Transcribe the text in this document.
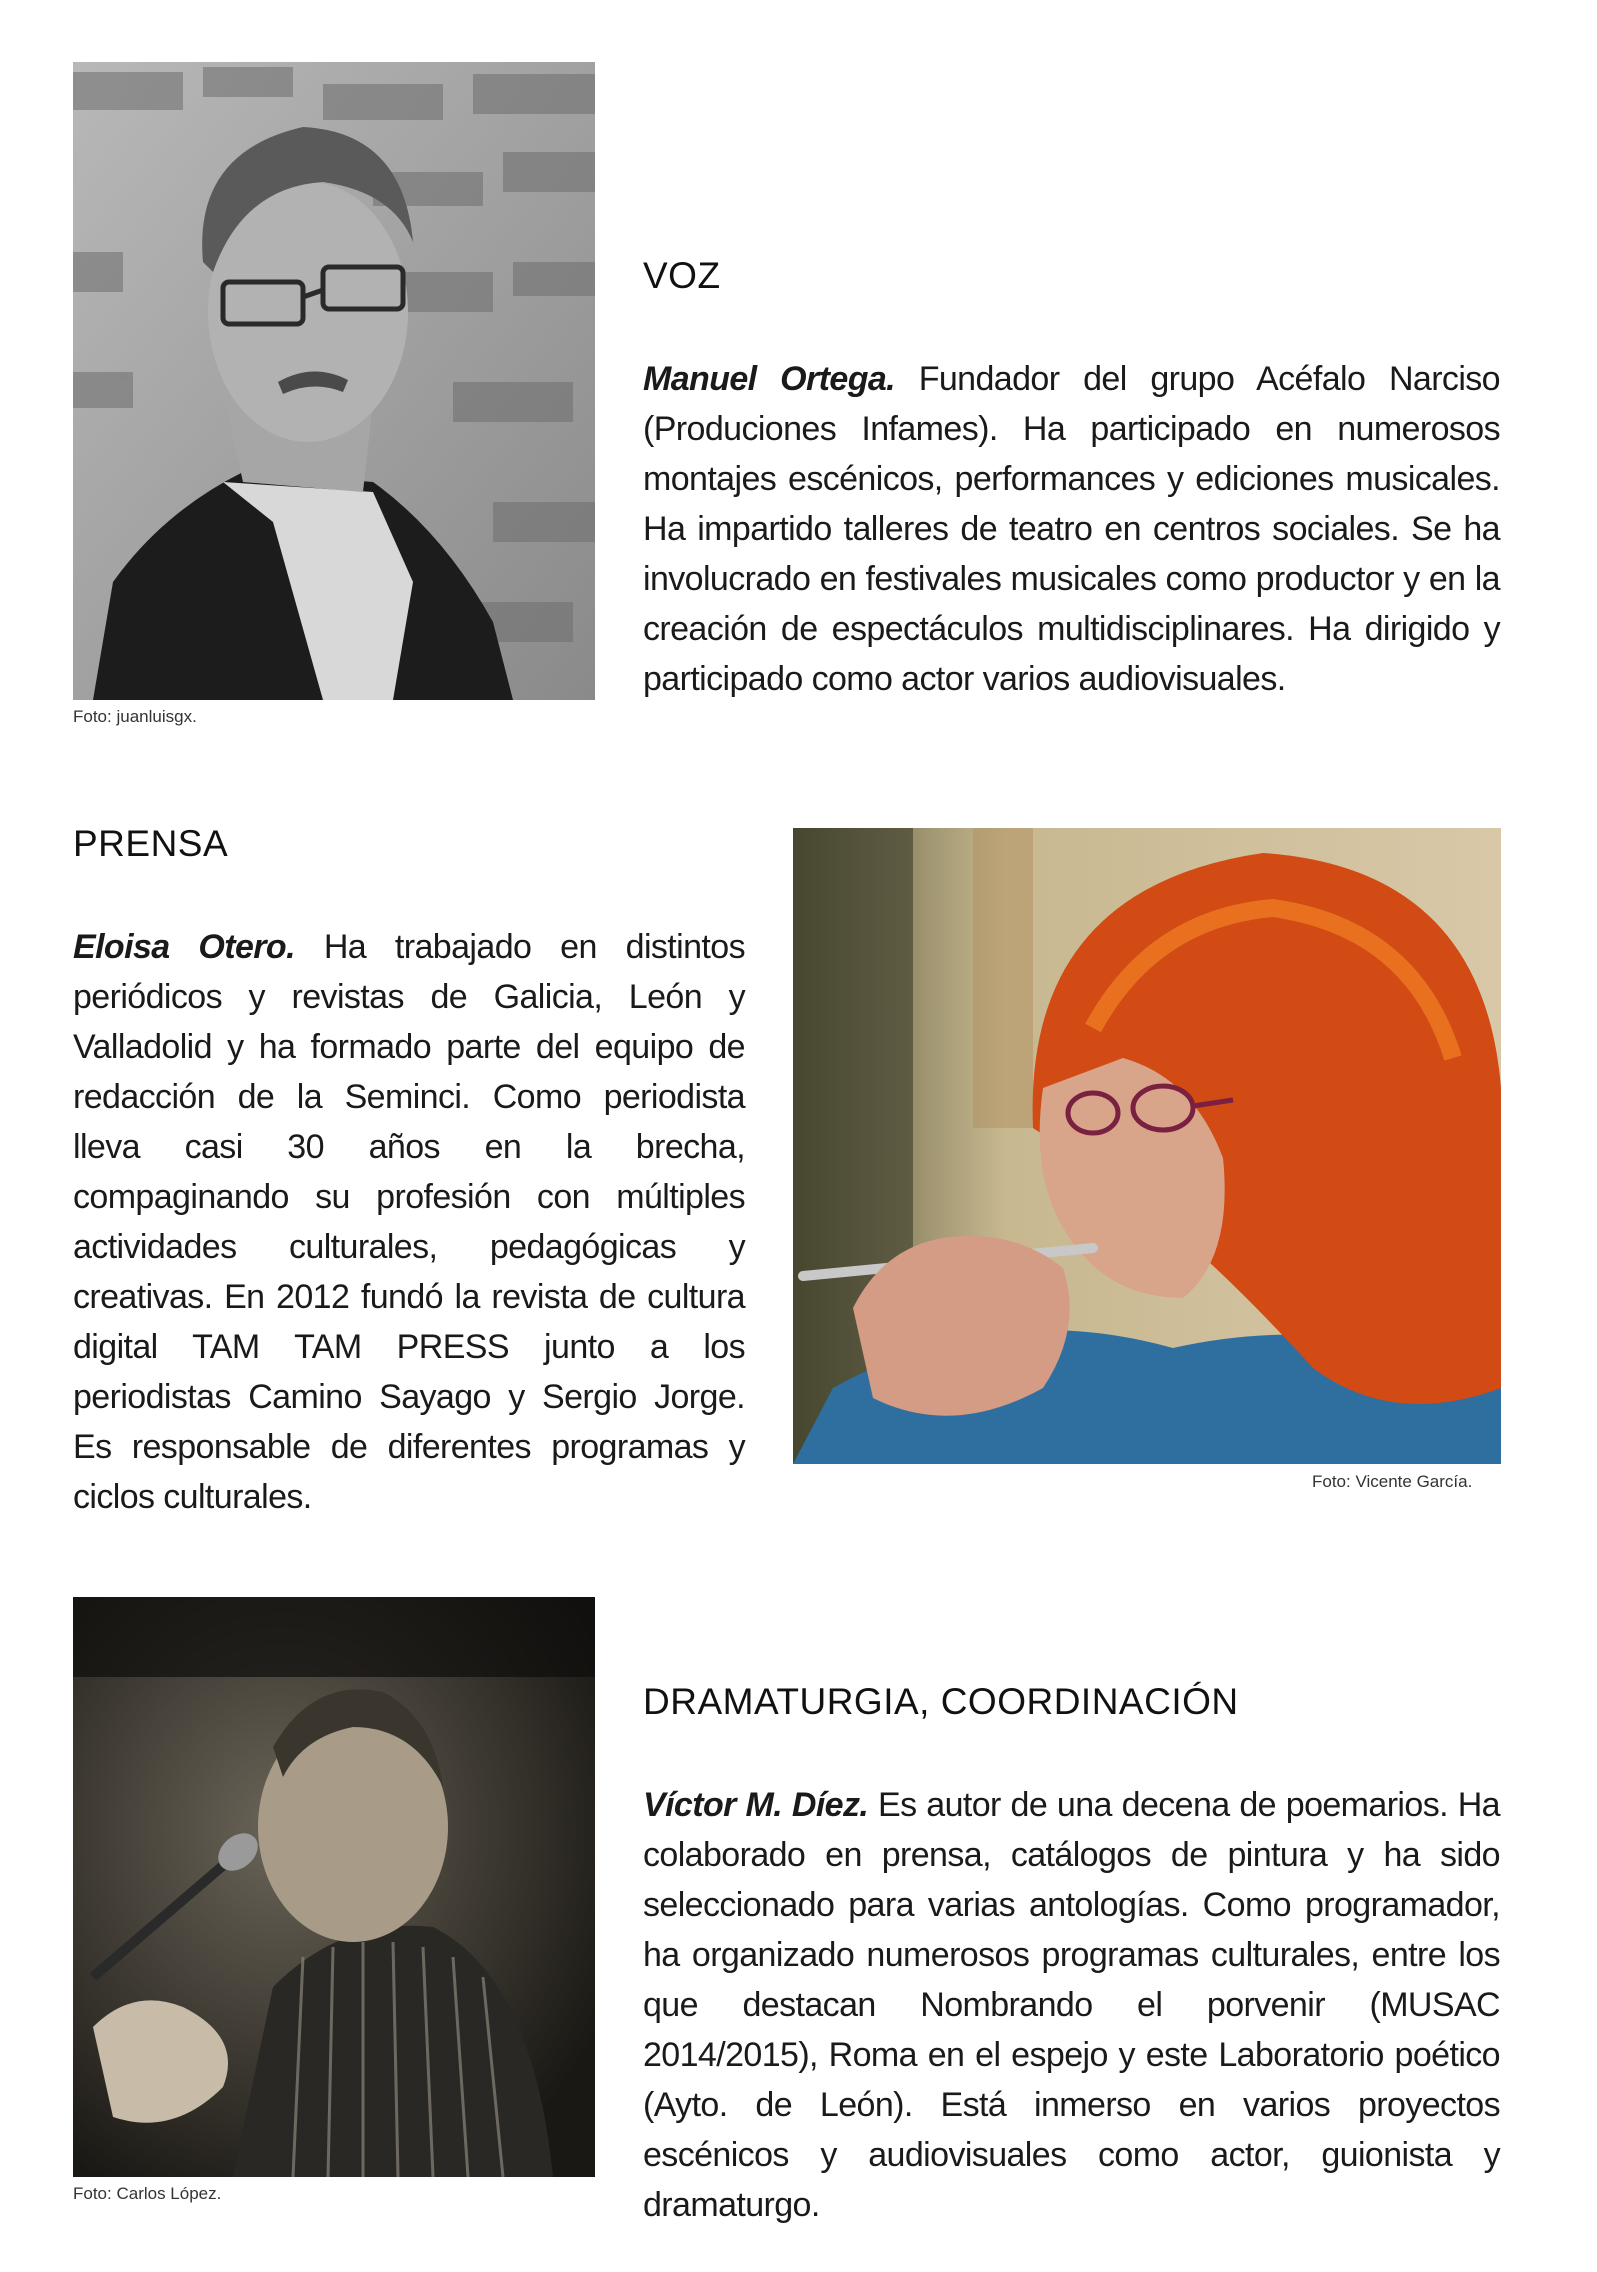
Foto: juanluisgx.
VOZ

Manuel Ortega. Fundador del grupo Acéfalo Narciso (Produciones Infames). Ha participado en numerosos montajes escénicos, performances y ediciones musicales. Ha impartido talleres de teatro en centros sociales. Se ha involucrado en festivales musicales como productor y en la creación de espectáculos multidisciplinares. Ha dirigido y participado como actor varios audiovisuales.

PRENSA

Eloisa Otero. Ha trabajado en distintos periódicos y revistas de Galicia, León y Valladolid y ha formado parte del equipo de redacción de la Seminci. Como periodista lleva casi 30 años en la brecha, compaginando su profesión con múltiples actividades culturales, pedagógicas y creativas. En 2012 fundó la revista de cultura digital TAM TAM PRESS junto a los periodistas Camino Sayago y Sergio Jorge. Es responsable de diferentes programas y ciclos culturales.	Foto: Vicente García.
Foto: Carlos López.
DRAMATURGIA, COORDINACIÓN

Víctor M. Díez. Es autor de una decena de poemarios. Ha colaborado en prensa, catálogos de pintura y ha sido seleccionado para varias antologías. Como programador, ha organizado numerosos programas culturales, entre los que destacan Nombrando el porvenir (MUSAC 2014/2015), Roma en el espejo y este Laboratorio poético (Ayto. de León). Está inmerso en varios proyectos escénicos y audiovisuales como actor, guionista y dramaturgo.
